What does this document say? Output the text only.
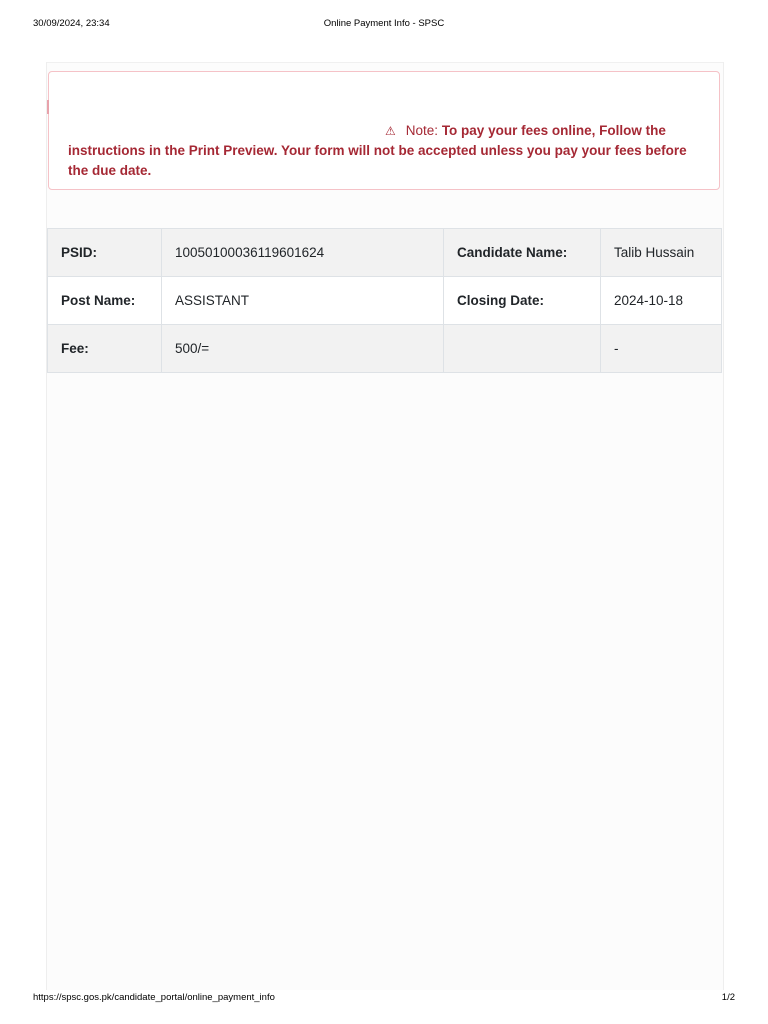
30/09/2024, 23:34	Online Payment Info - SPSC
⚠ Note: To pay your fees online, Follow the instructions in the Print Preview. Your form will not be accepted unless you pay your fees before the due date.
PSID:	10050100036119601624	Candidate Name:	Talib Hussain
Post Name:	ASSISTANT	Closing Date:	2024-10-18
Fee:	500/=		-
https://spsc.gos.pk/candidate_portal/online_payment_info	1/2
